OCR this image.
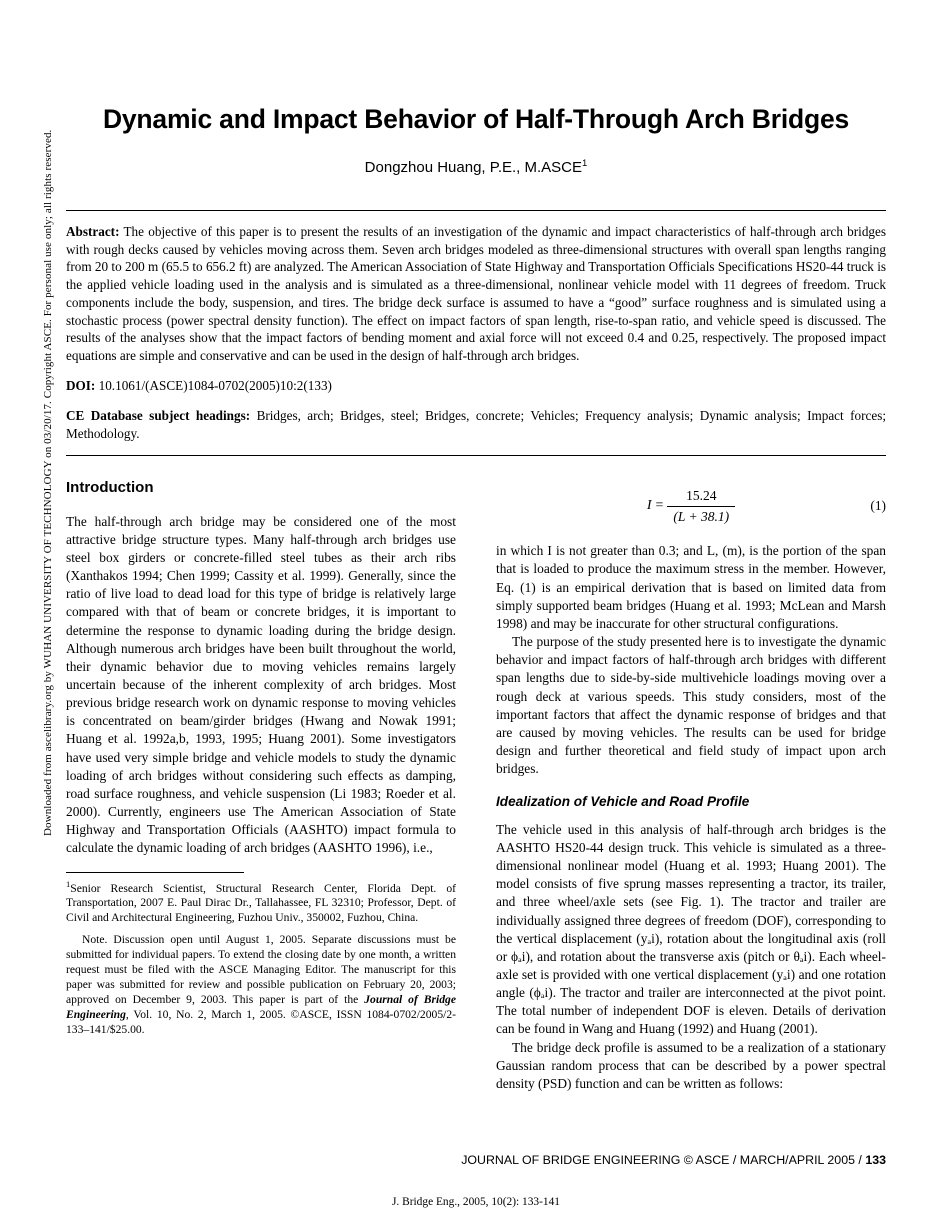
Downloaded from ascelibrary.org by WUHAN UNIVERSITY OF TECHNOLOGY on 03/20/17. Copyright ASCE. For personal use only; all rights reserved.
Dynamic and Impact Behavior of Half-Through Arch Bridges
Dongzhou Huang, P.E., M.ASCE$^1$

Abstract: The objective of this paper is to present the results of an investigation of the dynamic and impact characteristics of half-through arch bridges with rough decks caused by vehicles moving across them. Seven arch bridges modeled as three-dimensional structures with overall span lengths ranging from 20 to 200 m (65.5 to 656.2 ft) are analyzed. The American Association of State Highway and Transportation Officials Specifications HS20-44 truck is the applied vehicle loading used in the analysis and is simulated as a three-dimensional, nonlinear vehicle model with 11 degrees of freedom. Truck components include the body, suspension, and tires. The bridge deck surface is assumed to have a “good” surface roughness and is simulated using a stochastic process (power spectral density function). The effect on impact factors of span length, rise-to-span ratio, and vehicle speed is discussed. The results of the analyses show that the impact factors of bending moment and axial force will not exceed 0.4 and 0.25, respectively. The proposed impact equations are simple and conservative and can be used in the design of half-through arch bridges.

DOI: 10.1061/(ASCE)1084-0702(2005)10:2(133)
CE Database subject headings: Bridges, arch; Bridges, steel; Bridges, concrete; Vehicles; Frequency analysis; Dynamic analysis; Impact forces; Methodology.
Introduction

The half-through arch bridge may be considered one of the most attractive bridge structure types. Many half-through arch bridges use steel box girders or concrete-filled steel tubes as their arch ribs (Xanthakos 1994; Chen 1999; Cassity et al. 1999). Generally, since the ratio of live load to dead load for this type of bridge is relatively large compared with that of beam or concrete bridges, it is important to determine the response to dynamic loading during the bridge design. Although numerous arch bridges have been built throughout the world, their dynamic behavior due to moving vehicles remains largely uncertain because of the inherent complexity of arch bridges. Most previous bridge research work on dynamic response to moving vehicles is concentrated on beam/girder bridges (Hwang and Nowak 1991; Huang et al. 1992a,b, 1993, 1995; Huang 2001). Some investigators have used very simple bridge and vehicle models to study the dynamic loading of arch bridges without considering such effects as damping, road surface roughness, and vehicle suspension (Li 1983; Roeder et al. 2000). Currently, engineers use The American Association of State Highway and Transportation Officials (AASHTO) impact formula to calculate the dynamic loading of arch bridges (AASHTO 1996), i.e.,

$^1$Senior Research Scientist, Structural Research Center, Florida Dept. of Transportation, 2007 E. Paul Dirac Dr., Tallahassee, FL 32310; Professor, Dept. of Civil and Architectural Engineering, Fuzhou Univ., 350002, Fuzhou, China.

Note. Discussion open until August 1, 2005. Separate discussions must be submitted for individual papers. To extend the closing date by one month, a written request must be filed with the ASCE Managing Editor. The manuscript for this paper was submitted for review and possible publication on February 20, 2003; approved on December 9, 2003. This paper is part of the Journal of Bridge Engineering, Vol. 10, No. 2, March 1, 2005. ©ASCE, ISSN 1084-0702/2005/2-133–141/$25.00.

$I = \frac{15.24}{(L + 38.1)}$	(1)

in which I is not greater than 0.3; and L, (m), is the portion of the span that is loaded to produce the maximum stress in the member. However, Eq. (1) is an empirical derivation that is based on limited data from simply supported beam bridges (Huang et al. 1993; McLean and Marsh 1998) and may be inaccurate for other structural configurations.

The purpose of the study presented here is to investigate the dynamic behavior and impact factors of half-through arch bridges with different span lengths due to side-by-side multivehicle loadings moving over a rough deck at various speeds. This study considers, most of the important factors that affect the dynamic response of bridges and that are caused by moving vehicles. The results can be used for bridge design and further theoretical and field study of impact upon arch bridges.

Idealization of Vehicle and Road Profile

The vehicle used in this analysis of half-through arch bridges is the AASHTO HS20-44 design truck. This vehicle is simulated as a three-dimensional nonlinear model (Huang et al. 1993; Huang 2001). The model consists of five sprung masses representing a tractor, its trailer, and three wheel/axle sets (see Fig. 1). The tractor and trailer are individually assigned three degrees of freedom (DOF), corresponding to the vertical displacement (yₐi), rotation about the longitudinal axis (roll or ϕₐi), and rotation about the transverse axis (pitch or θₐi). Each wheel-axle set is provided with one vertical displacement (yₐi) and one rotation angle (ϕₐi). The tractor and trailer are interconnected at the pivot point. The total number of independent DOF is eleven. Details of derivation can be found in Wang and Huang (1992) and Huang (2001).

The bridge deck profile is assumed to be a realization of a stationary Gaussian random process that can be described by a power spectral density (PSD) function and can be written as follows:

JOURNAL OF BRIDGE ENGINEERING © ASCE / MARCH/APRIL 2005 / 133
J. Bridge Eng., 2005, 10(2): 133-141
